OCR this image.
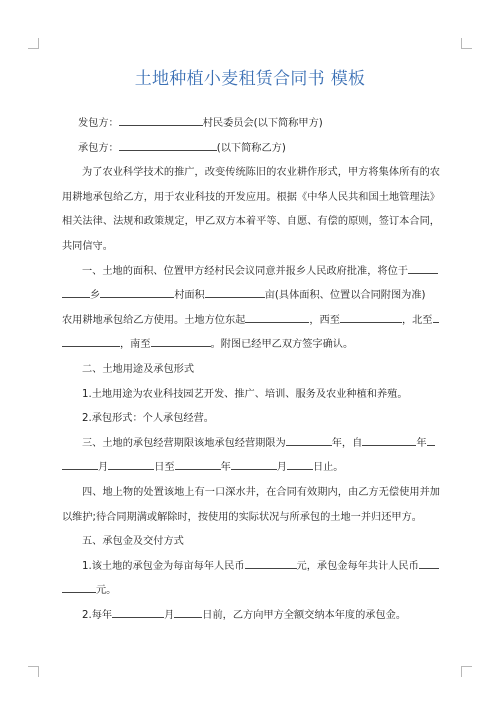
土地种植小麦租赁合同书 模板
发包方：	村民委员会(以下简称甲方)
承包方：	(以下简称乙方)
为了农业科学技术的推广，改变传统陈旧的农业耕作形式，甲方将集体所有的农
用耕地承包给乙方，用于农业科技的开发应用。根据《中华人民共和国土地管理法》
相关法律、法规和政策规定，甲乙双方本着平等、自愿、有偿的原则，签订本合同，
共同信守。
一、土地的面积、位置甲方经村民会议同意并报乡人民政府批准，将位于
乡	村面积	亩(具体面积、位置以合同附图为准)
农用耕地承包给乙方使用。土地方位东起	，西至	，北至
，南至	。附图已经甲乙双方签字确认。
二、土地用途及承包形式
1.土地用途为农业科技园艺开发、推广、培训、服务及农业种植和养殖。
2.承包形式：个人承包经营。
三、土地的承包经营期限该地承包经营期限为	年，自	年
月	日至	年	月	日止。
四、地上物的处置该地上有一口深水井，在合同有效期内，由乙方无偿使用并加
以维护;待合同期满或解除时，按使用的实际状况与所承包的土地一并归还甲方。
五、承包金及交付方式
1.该土地的承包金为每亩每年人民币	元，承包金每年共计人民币
元。
2.每年	月	日前，乙方向甲方全额交纳本年度的承包金。
